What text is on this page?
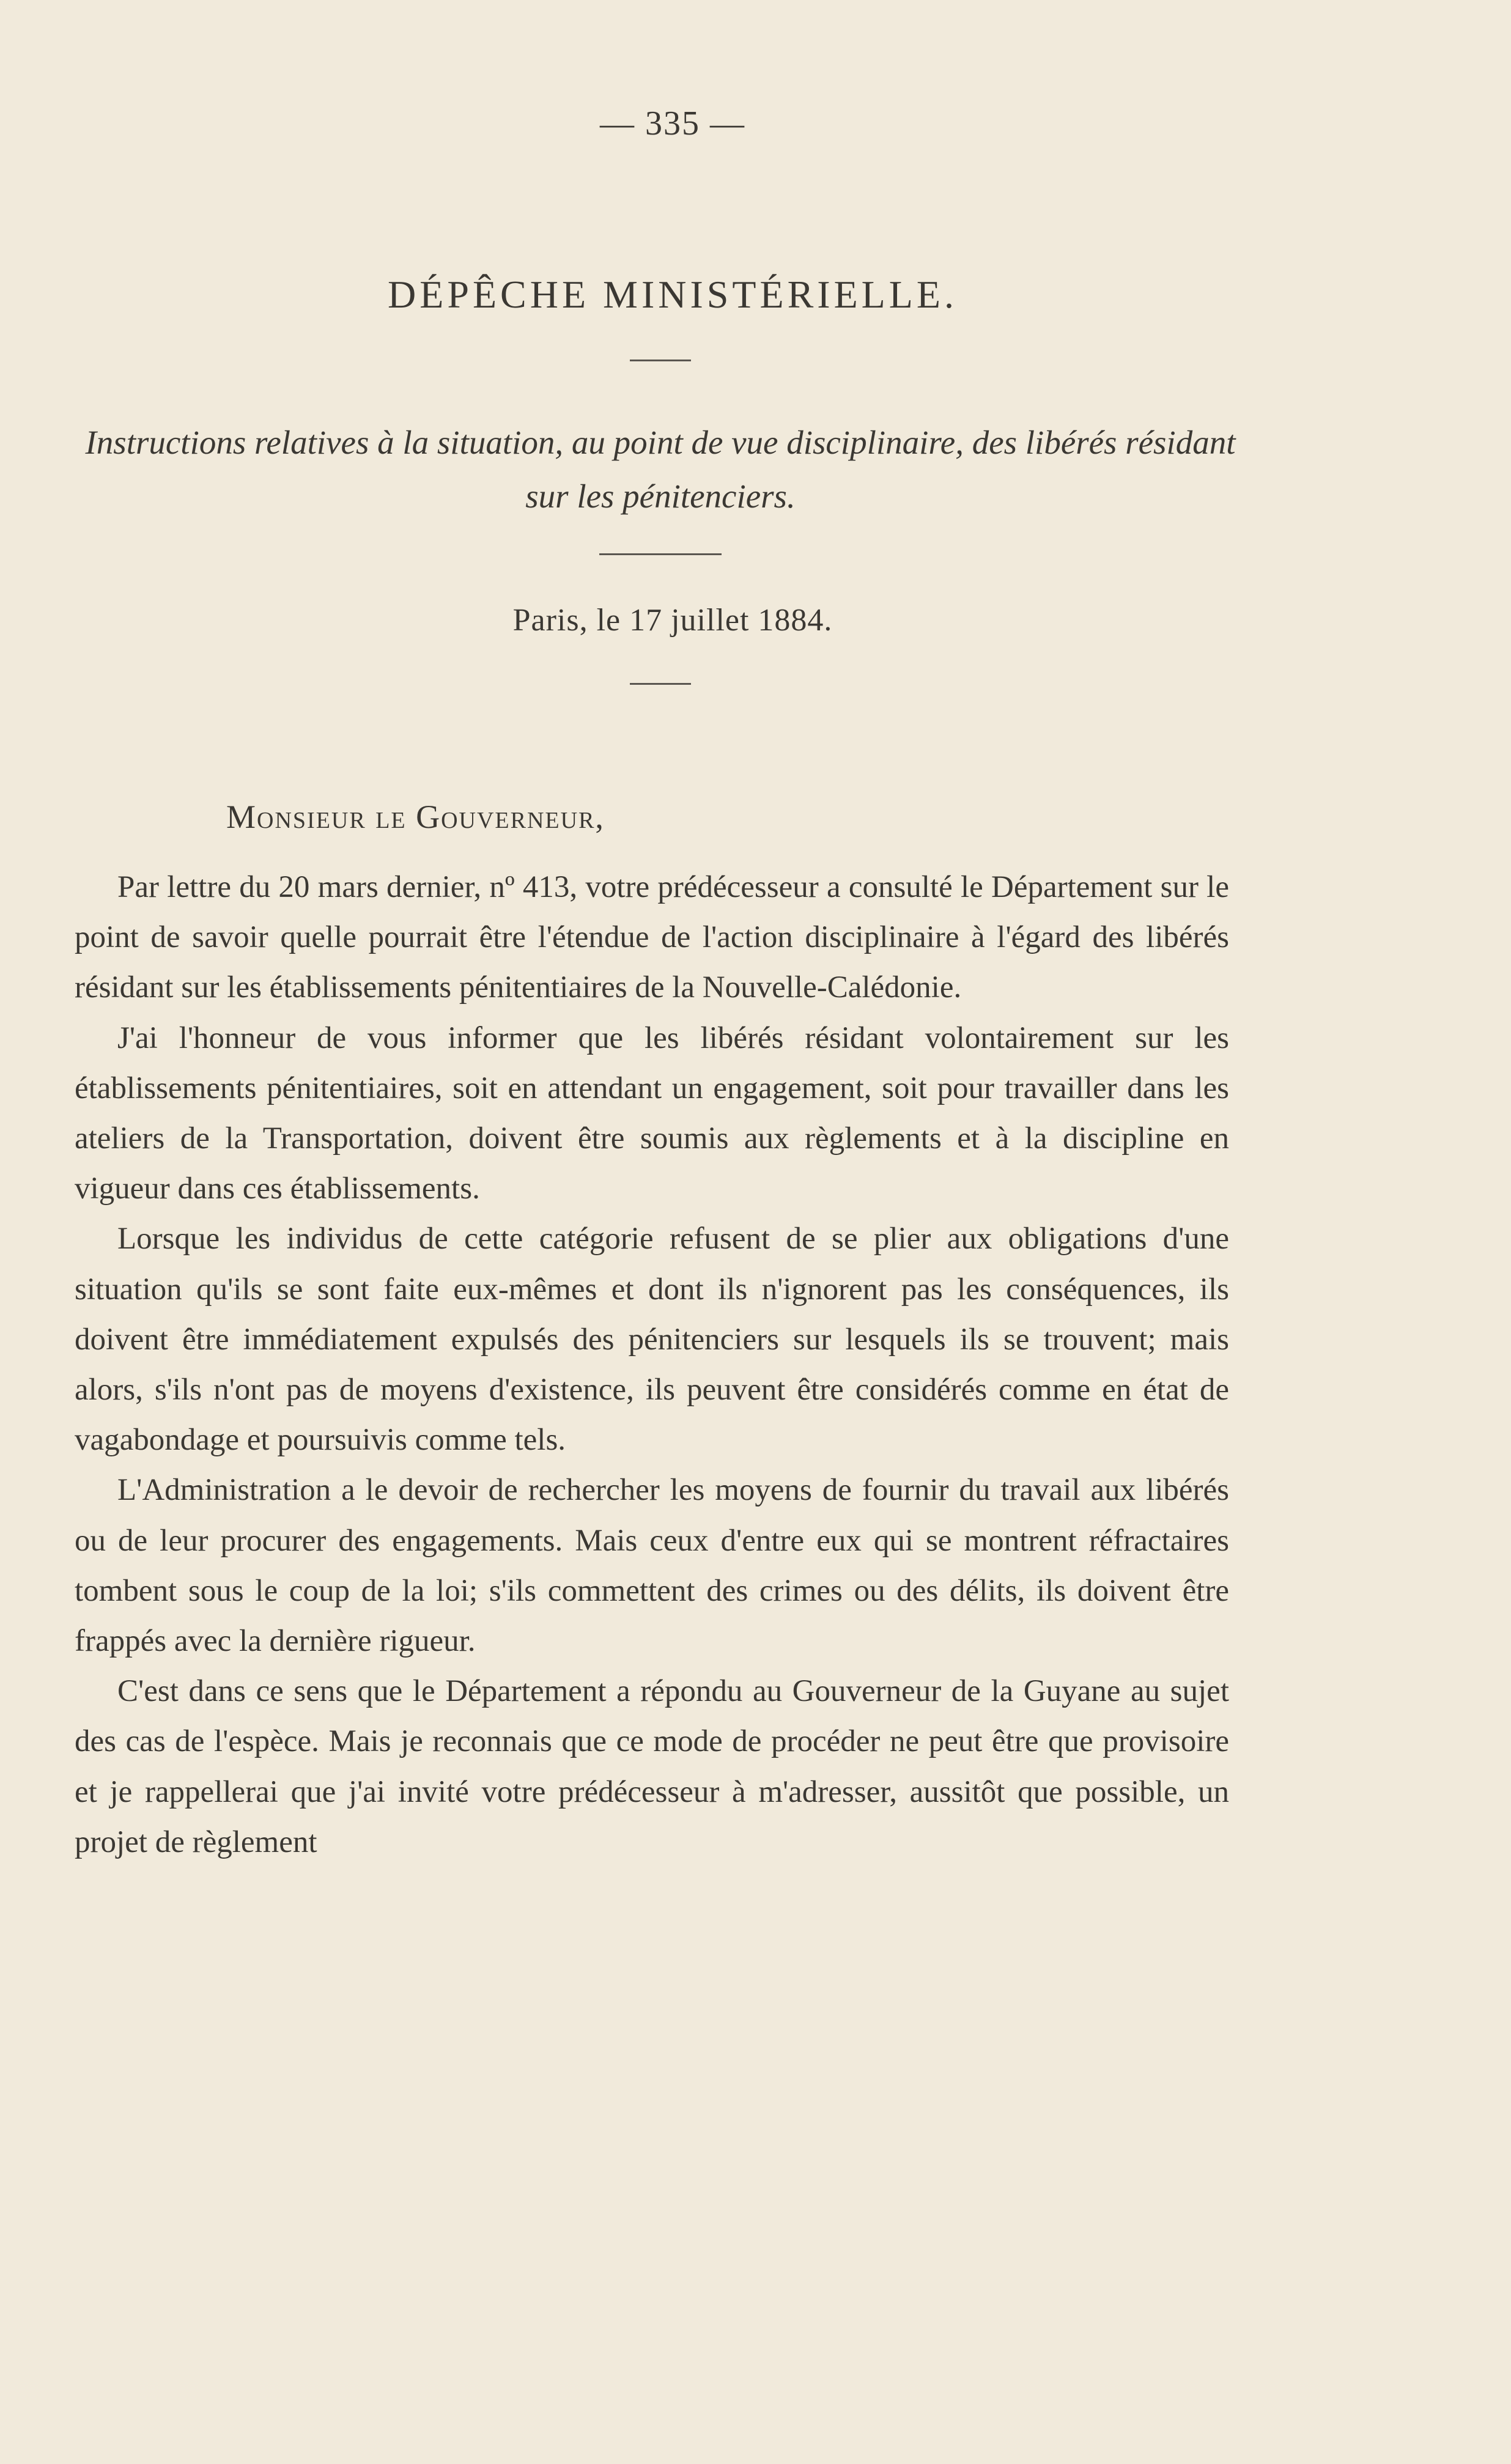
— 335 —
DÉPÊCHE MINISTÉRIELLE.
Instructions relatives à la situation, au point de vue disciplinaire, des libérés résidant sur les pénitenciers.
Paris, le 17 juillet 1884.
Monsieur le Gouverneur,

Par lettre du 20 mars dernier, nº 413, votre prédécesseur a consulté le Département sur le point de savoir quelle pourrait être l'étendue de l'action disciplinaire à l'égard des libérés résidant sur les établissements pénitentiaires de la Nouvelle-Calédonie.

J'ai l'honneur de vous informer que les libérés résidant volontairement sur les établissements pénitentiaires, soit en attendant un engagement, soit pour travailler dans les ateliers de la Transportation, doivent être soumis aux règlements et à la discipline en vigueur dans ces établissements.

Lorsque les individus de cette catégorie refusent de se plier aux obligations d'une situation qu'ils se sont faite eux-mêmes et dont ils n'ignorent pas les conséquences, ils doivent être immédiatement expulsés des pénitenciers sur lesquels ils se trouvent; mais alors, s'ils n'ont pas de moyens d'existence, ils peuvent être considérés comme en état de vagabondage et poursuivis comme tels.

L'Administration a le devoir de rechercher les moyens de fournir du travail aux libérés ou de leur procurer des engagements. Mais ceux d'entre eux qui se montrent réfractaires tombent sous le coup de la loi; s'ils commettent des crimes ou des délits, ils doivent être frappés avec la dernière rigueur.

C'est dans ce sens que le Département a répondu au Gouverneur de la Guyane au sujet des cas de l'espèce. Mais je reconnais que ce mode de procéder ne peut être que provisoire et je rappellerai que j'ai invité votre prédécesseur à m'adresser, aussitôt que possible, un projet de règlement
